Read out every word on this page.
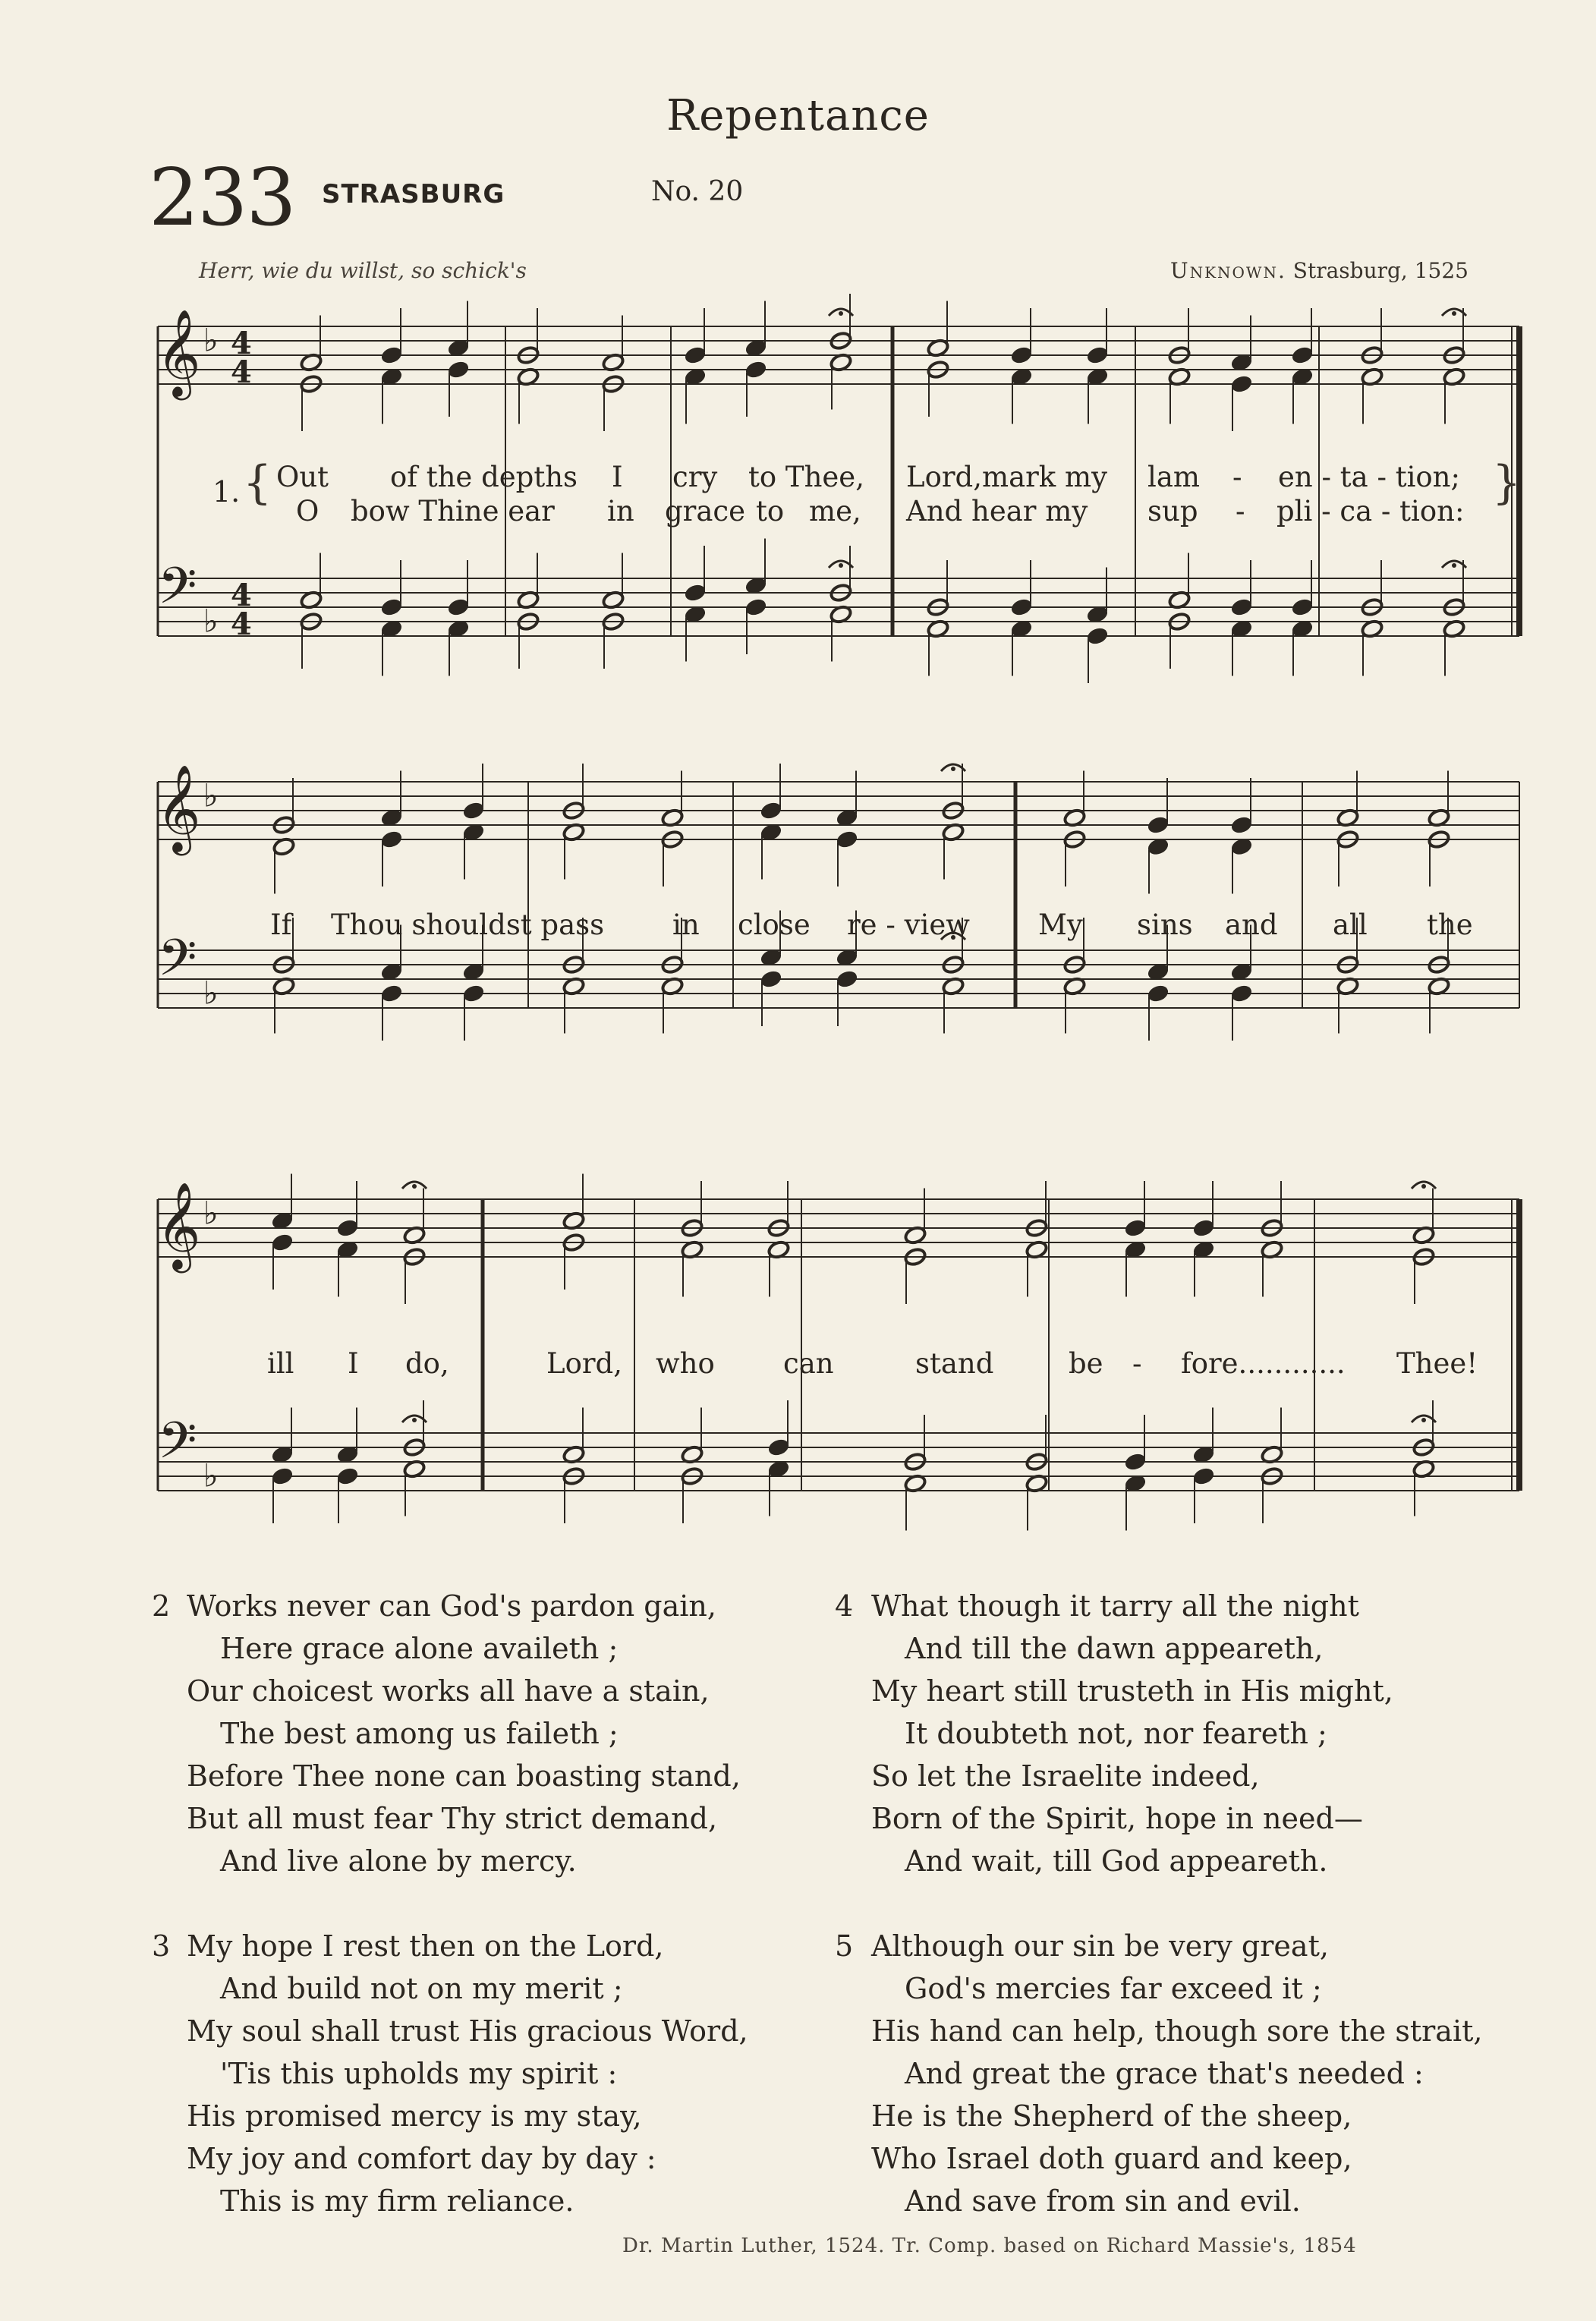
Repentance
233 STRASBURG	No. 20
Herr, wie du willst, so schick's	Unknown. Strasburg, 1525
𝄞
𝄢
♭
♭
4
4
4
4
1. {	}
Out of the depths I cry to Thee, Lord,mark my lam - en - ta - tion;
O bow Thine ear in grace to me, And hear my sup - pli - ca - tion:
𝄞
𝄢
♭
♭
If Thou shouldst pass in close re - view My sins and all the
𝄞
𝄢
♭
♭
ill I do,	Lord, who can	stand	be - fore............ Thee!
2 Works never can God's pardon gain,
Here grace alone availeth ;
Our choicest works all have a stain,
The best among us faileth ;
Before Thee none can boasting stand,
But all must fear Thy strict demand,
And live alone by mercy.
4 What though it tarry all the night
And till the dawn appeareth,
My heart still trusteth in His might,
It doubteth not, nor feareth ;
So let the Israelite indeed,
Born of the Spirit, hope in need—
And wait, till God appeareth.
3 My hope I rest then on the Lord,
And build not on my merit ;
My soul shall trust His gracious Word,
'Tis this upholds my spirit :
His promised mercy is my stay,
My joy and comfort day by day :
This is my firm reliance.
5 Although our sin be very great,
God's mercies far exceed it ;
His hand can help, though sore the strait,
And great the grace that's needed :
He is the Shepherd of the sheep,
Who Israel doth guard and keep,
And save from sin and evil.
Dr. Martin Luther, 1524. Tr. Comp. based on Richard Massie's, 1854
